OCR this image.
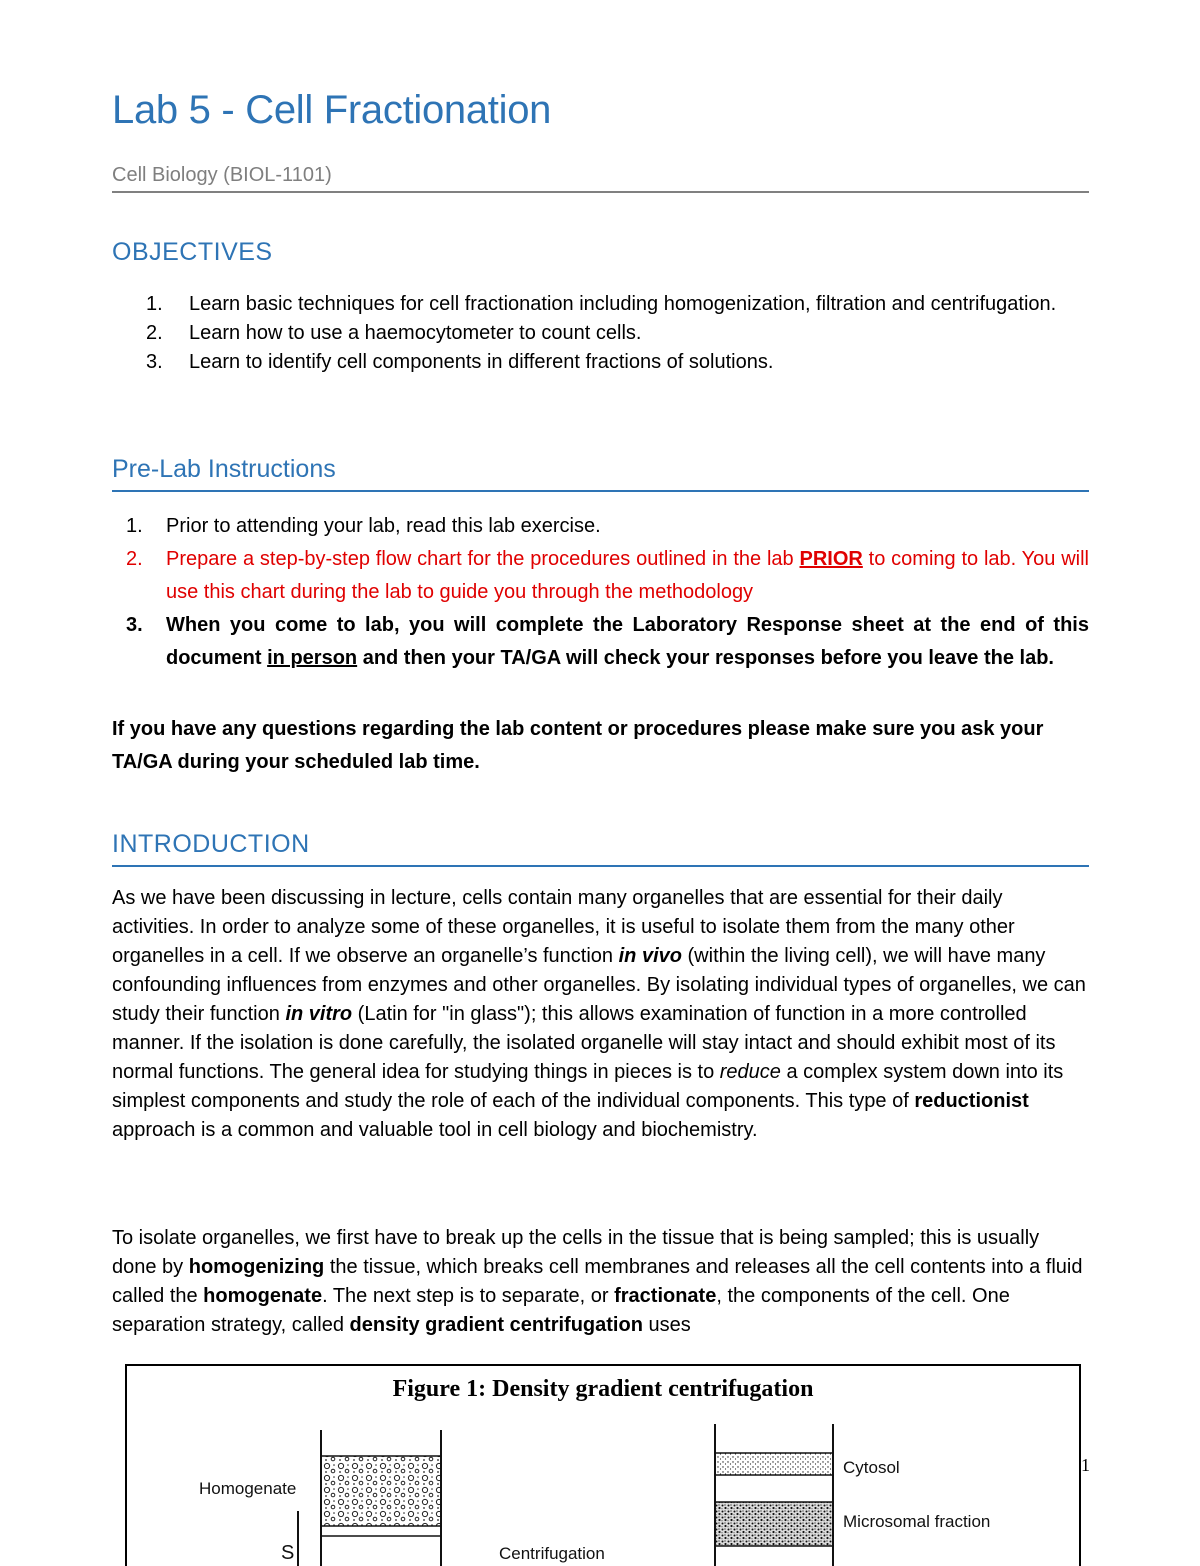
Lab 5 - Cell Fractionation
Cell Biology (BIOL-1101)
OBJECTIVES
1. Learn basic techniques for cell fractionation including homogenization, filtration and centrifugation.
2. Learn how to use a haemocytometer to count cells.
3. Learn to identify cell components in different fractions of solutions.
Pre-Lab Instructions
1. Prior to attending your lab, read this lab exercise.
2. Prepare a step-by-step flow chart for the procedures outlined in the lab PRIOR to coming to lab. You will use this chart during the lab to guide you through the methodology
3. When you come to lab, you will complete the Laboratory Response sheet at the end of this document in person and then your TA/GA will check your responses before you leave the lab.
If you have any questions regarding the lab content or procedures please make sure you ask your TA/GA during your scheduled lab time.
INTRODUCTION
As we have been discussing in lecture, cells contain many organelles that are essential for their daily activities. In order to analyze some of these organelles, it is useful to isolate them from the many other organelles in a cell. If we observe an organelle’s function in vivo (within the living cell), we will have many confounding influences from enzymes and other organelles. By isolating individual types of organelles, we can study their function in vitro (Latin for "in glass"); this allows examination of function in a more controlled manner. If the isolation is done carefully, the isolated organelle will stay intact and should exhibit most of its normal functions. The general idea for studying things in pieces is to reduce a complex system down into its simplest components and study the role of each of the individual components. This type of reductionist approach is a common and valuable tool in cell biology and biochemistry.
To isolate organelles, we first have to break up the cells in the tissue that is being sampled; this is usually done by homogenizing the tissue, which breaks cell membranes and releases all the cell contents into a fluid called the homogenate. The next step is to separate, or fractionate, the components of the cell. One separation strategy, called density gradient centrifugation uses
Figure 1: Density gradient centrifugation
Homogenate
Cytosol
Microsomal fraction
Centrifugation
S
1
